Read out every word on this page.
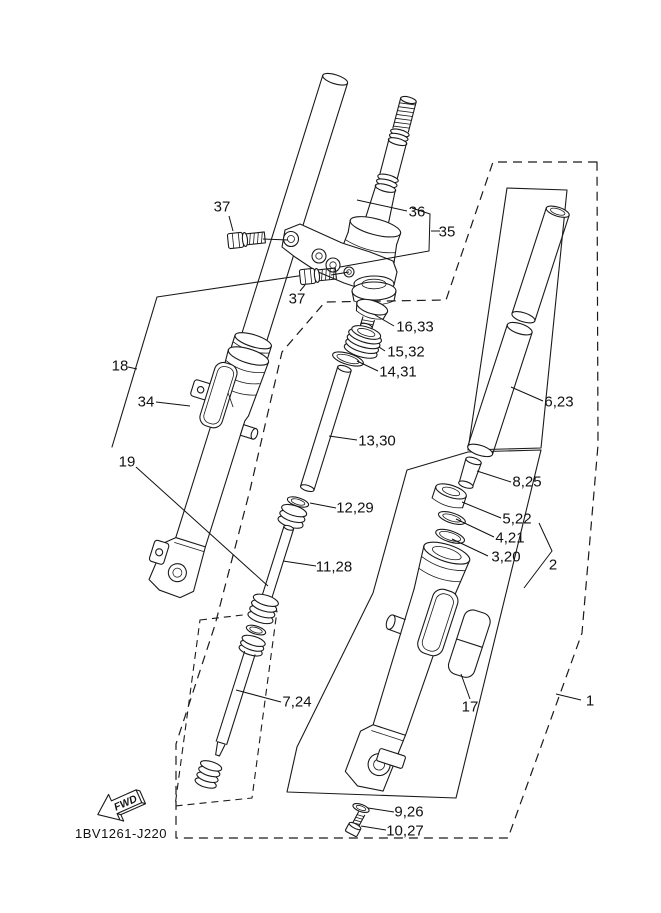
YAMAHA
FWD
1BV1261-J220
37	36
35
37
16,33
15,32
14,31
18
34
13,30
6,23
19
8,25
12,29
5,22
4,21
3,20 2
11,28
7,24	17	1
9,26
10,27
